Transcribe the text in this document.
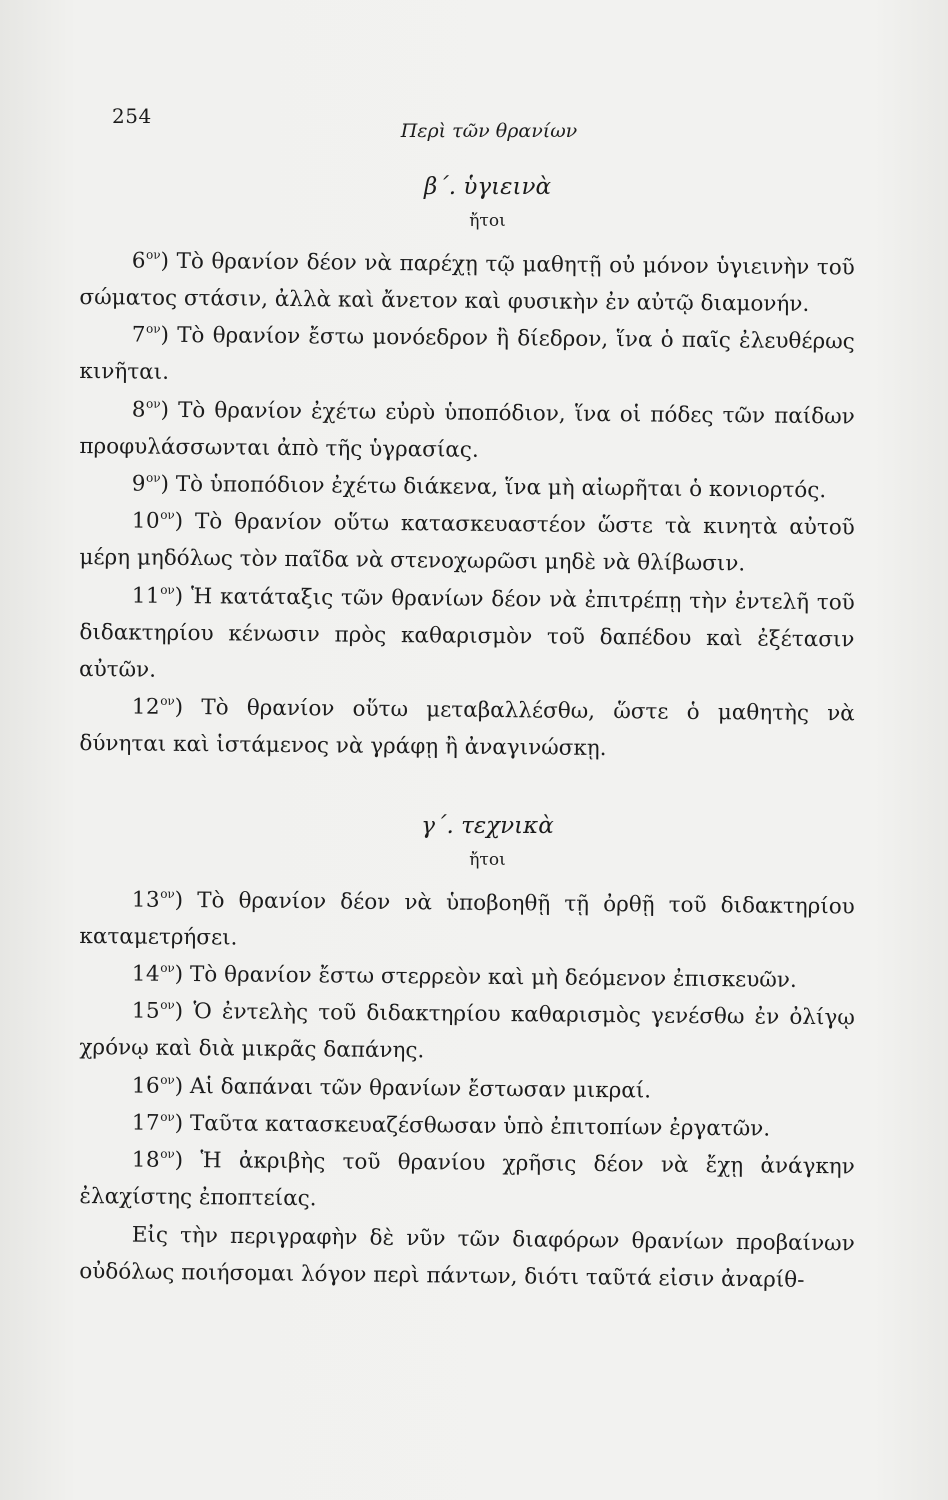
254
Περὶ τῶν θρανίων
β΄. ὑγιεινὰ
ἤτοι

$6^{o\nu}$) Τὸ θρανίον δέον νὰ παρέχῃ τῷ μαθητῇ οὐ μόνον ὑγιεινὴν τοῦ σώματος στάσιν, ἀλλὰ καὶ ἄνετον καὶ φυσικὴν ἐν αὐτῷ διαμονήν.

$7^{o\nu}$) Τὸ θρανίον ἔστω μονόεδρον ἢ δίεδρον, ἵνα ὁ παῖς ἐλευθέρως κινῆται.

$8^{o\nu}$) Τὸ θρανίον ἐχέτω εὐρὺ ὑποπόδιον, ἵνα οἱ πόδες τῶν παίδων προφυλάσσωνται ἀπὸ τῆς ὑγρασίας.

$9^{o\nu}$) Τὸ ὑποπόδιον ἐχέτω διάκενα, ἵνα μὴ αἰωρῆται ὁ κονιορτός.

$10^{o\nu}$) Τὸ θρανίον οὕτω κατασκευαστέον ὥστε τὰ κινητὰ αὐτοῦ μέρη μηδόλως τὸν παῖδα νὰ στενοχωρῶσι μηδὲ νὰ θλίβωσιν.

$11^{o\nu}$) Ἡ κατάταξις τῶν θρανίων δέον νὰ ἐπιτρέπῃ τὴν ἐντελῆ τοῦ διδακτηρίου κένωσιν πρὸς καθαρισμὸν τοῦ δαπέδου καὶ ἐξέτασιν αὐτῶν.

$12^{o\nu}$) Τὸ θρανίον οὕτω μεταβαλλέσθω, ὥστε ὁ μαθητὴς νὰ δύνηται καὶ ἱστάμενος νὰ γράφῃ ἢ ἀναγινώσκῃ.

γ΄. τεχνικὰ
ἤτοι

$13^{o\nu}$) Τὸ θρανίον δέον νὰ ὑποβοηθῇ τῇ ὀρθῇ τοῦ διδακτηρίου καταμετρήσει.

$14^{o\nu}$) Τὸ θρανίον ἔστω στερρεὸν καὶ μὴ δεόμενον ἐπισκευῶν.

$15^{o\nu}$) Ὁ ἐντελὴς τοῦ διδακτηρίου καθαρισμὸς γενέσθω ἐν ὀλίγῳ χρόνῳ καὶ διὰ μικρᾶς δαπάνης.

$16^{o\nu}$) Αἱ δαπάναι τῶν θρανίων ἔστωσαν μικραί.

$17^{o\nu}$) Ταῦτα κατασκευαζέσθωσαν ὑπὸ ἐπιτοπίων ἐργατῶν.

$18^{o\nu}$) Ἡ ἀκριβὴς τοῦ θρανίου χρῆσις δέον νὰ ἔχῃ ἀνάγκην ἐλαχίστης ἐποπτείας.

Εἰς τὴν περιγραφὴν δὲ νῦν τῶν διαφόρων θρανίων προβαίνων οὐδόλως ποιήσομαι λόγον περὶ πάντων, διότι ταῦτά εἰσιν ἀναρίθ-
